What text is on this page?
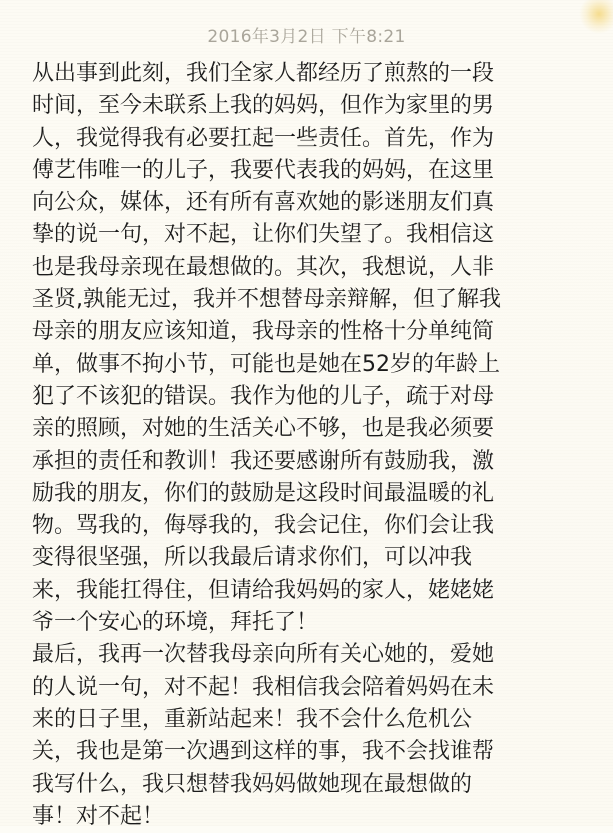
2016年3月2日 下午8:21

从出事到此刻，我们全家人都经历了煎熬的一段
时间，至今未联系上我的妈妈，但作为家里的男
人，我觉得我有必要扛起一些责任。首先，作为
傅艺伟唯一的儿子，我要代表我的妈妈，在这里
向公众，媒体，还有所有喜欢她的影迷朋友们真
挚的说一句，对不起，让你们失望了。我相信这
也是我母亲现在最想做的。其次，我想说，人非
圣贤,孰能无过，我并不想替母亲辩解，但了解我
母亲的朋友应该知道，我母亲的性格十分单纯简
单，做事不拘小节，可能也是她在52岁的年龄上
犯了不该犯的错误。我作为他的儿子，疏于对母
亲的照顾，对她的生活关心不够，也是我必须要
承担的责任和教训！我还要感谢所有鼓励我，激
励我的朋友，你们的鼓励是这段时间最温暖的礼
物。骂我的，侮辱我的，我会记住，你们会让我
变得很坚强，所以我最后请求你们，可以冲我
来，我能扛得住，但请给我妈妈的家人，姥姥姥
爷一个安心的环境，拜托了！

最后，我再一次替我母亲向所有关心她的，爱她
的人说一句，对不起！我相信我会陪着妈妈在未
来的日子里，重新站起来！我不会什么危机公
关，我也是第一次遇到这样的事，我不会找谁帮
我写什么，我只想替我妈妈做她现在最想做的
事！对不起！
